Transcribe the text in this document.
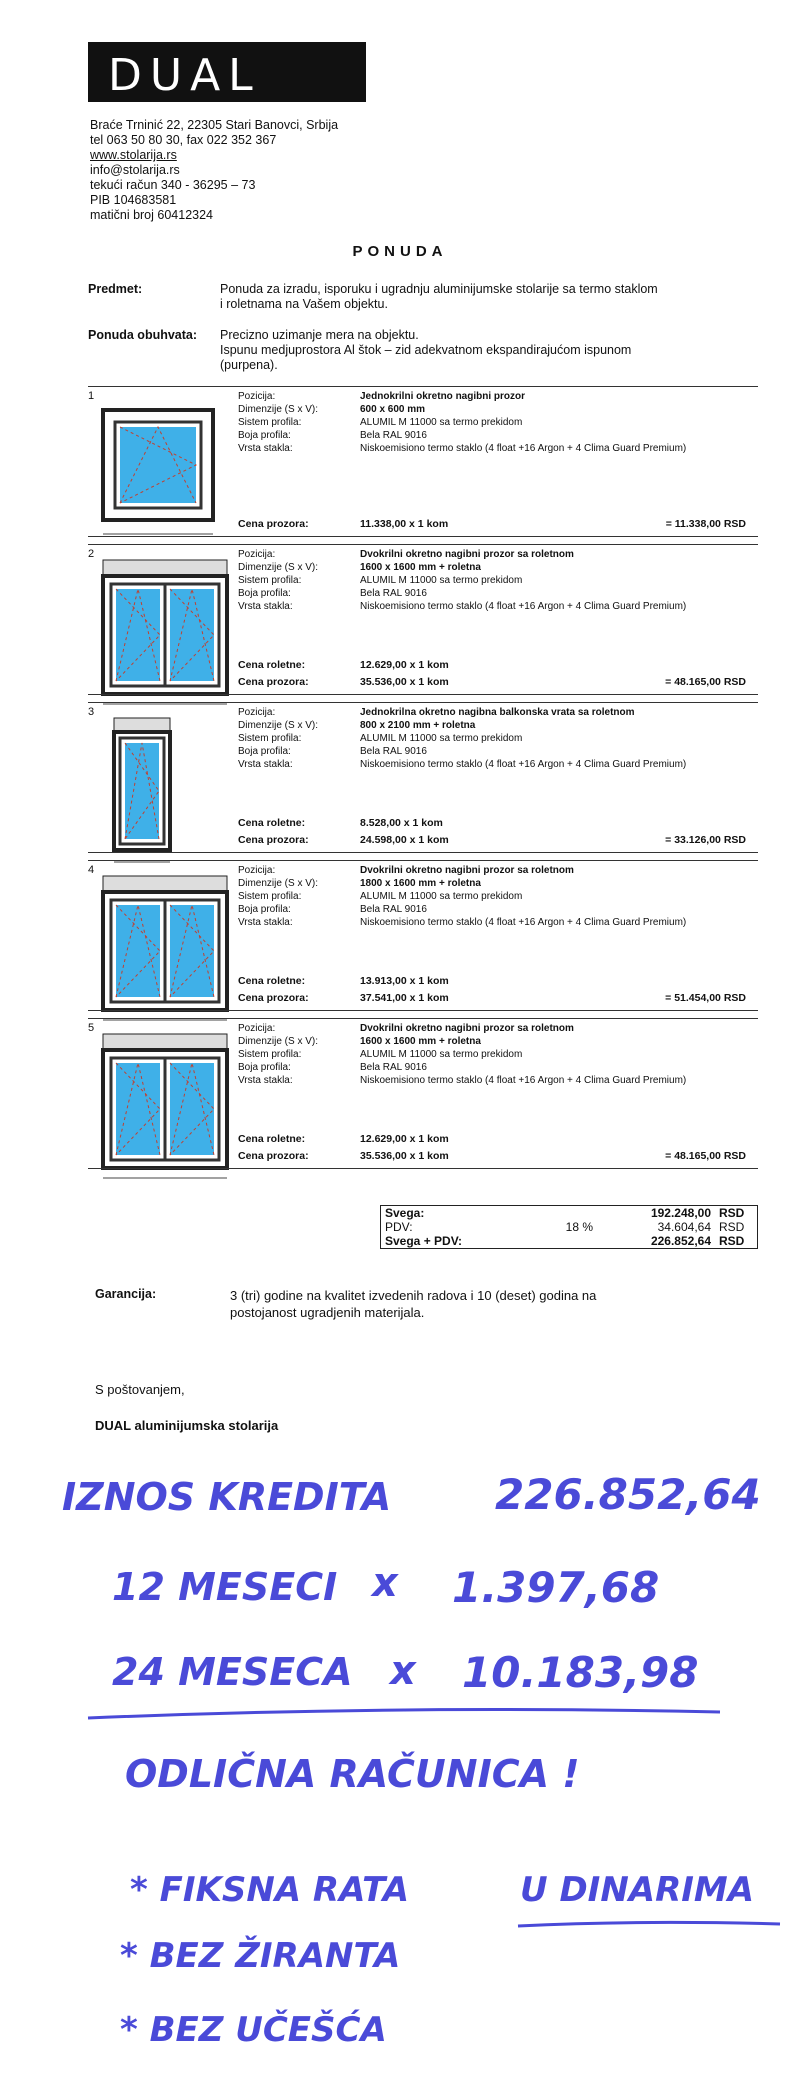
DUAL
Braće Trninić 22, 22305 Stari Banovci, Srbija
tel 063 50 80 30, fax 022 352 367
www.stolarija.rs
info@stolarija.rs
tekući račun 340 - 36295 – 73
PIB 104683581
matični broj 60412324
PONUDA
Predmet:	Ponuda za izradu, isporuku i ugradnju aluminijumske stolarije sa termo staklom
i roletnama na Vašem objektu.
Ponuda obuhvata: Precizno uzimanje mera na objektu.
Ispunu medjuprostora Al štok – zid adekvatnom ekspandirajućom ispunom
(purpena).
1	Pozicija:	Jednokrilni okretno nagibni prozor
Dimenzije (S x V):	600 x 600 mm
Sistem profila:	ALUMIL M 11000 sa termo prekidom
Boja profila:	Bela RAL 9016
Vrsta stakla:	Niskoemisiono termo staklo (4 float +16 Argon + 4 Clima Guard Premium)
Cena prozora:	11.338,00 x 1 kom	= 11.338,00 RSD
2	Pozicija:	Dvokrilni okretno nagibni prozor sa roletnom
Dimenzije (S x V):	1600 x 1600 mm + roletna
Sistem profila:	ALUMIL M 11000 sa termo prekidom
Boja profila:	Bela RAL 9016
Vrsta stakla:	Niskoemisiono termo staklo (4 float +16 Argon + 4 Clima Guard Premium)
Cena roletne:	12.629,00 x 1 kom
Cena prozora:	35.536,00 x 1 kom	= 48.165,00 RSD
3	Pozicija:	Jednokrilna okretno nagibna balkonska vrata sa roletnom
Dimenzije (S x V):	800 x 2100 mm + roletna
Sistem profila:	ALUMIL M 11000 sa termo prekidom
Boja profila:	Bela RAL 9016
Vrsta stakla:	Niskoemisiono termo staklo (4 float +16 Argon + 4 Clima Guard Premium)
Cena roletne:	8.528,00 x 1 kom
Cena prozora:	24.598,00 x 1 kom	= 33.126,00 RSD
4	Pozicija:	Dvokrilni okretno nagibni prozor sa roletnom
Dimenzije (S x V):	1800 x 1600 mm + roletna
Sistem profila:	ALUMIL M 11000 sa termo prekidom
Boja profila:	Bela RAL 9016
Vrsta stakla:	Niskoemisiono termo staklo (4 float +16 Argon + 4 Clima Guard Premium)
Cena roletne:	13.913,00 x 1 kom
Cena prozora:	37.541,00 x 1 kom	= 51.454,00 RSD
5	Pozicija:	Dvokrilni okretno nagibni prozor sa roletnom
Dimenzije (S x V):	1600 x 1600 mm + roletna
Sistem profila:	ALUMIL M 11000 sa termo prekidom
Boja profila:	Bela RAL 9016
Vrsta stakla:	Niskoemisiono termo staklo (4 float +16 Argon + 4 Clima Guard Premium)
Cena roletne:	12.629,00 x 1 kom
Cena prozora:	35.536,00 x 1 kom	= 48.165,00 RSD
Svega:		192.248,00	RSD
PDV:	18 %	34.604,64	RSD
Svega + PDV:		226.852,64	RSD
Garancija:	3 (tri) godine na kvalitet izvedenih radova i 10 (deset) godina na
postojanost ugradjenih materijala.
S poštovanjem,
DUAL aluminijumska stolarija
IZNOS KREDITA 226.852,64
12 MESECI x 1.397,68
24 MESECA x 10.183,98
ODLIČNA RAČUNICA !
* FIKSNA RATA	U DINARIMA
* BEZ ŽIRANTA
* BEZ UČEŠĆA
